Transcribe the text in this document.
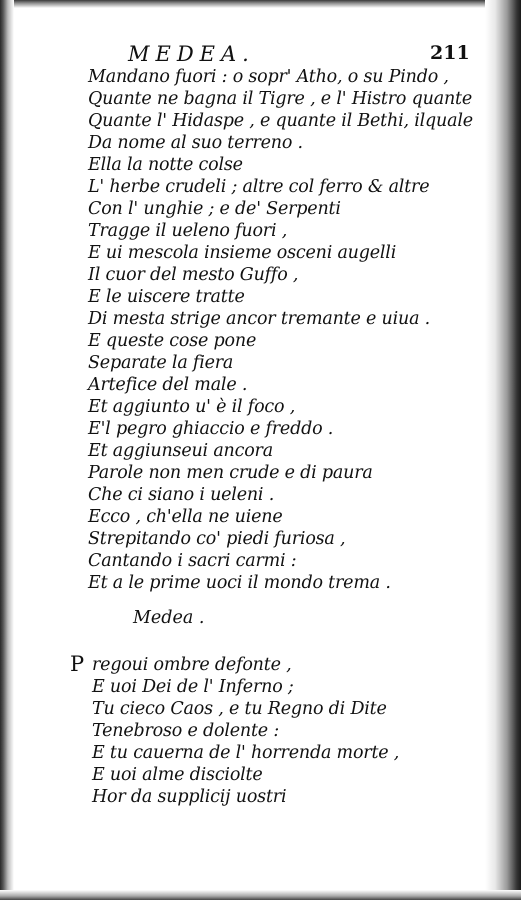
MEDEA.	211
Mandano fuori : o sopr' Atho, o su Pindo ,
Quante ne bagna il Tigre , e l' Histro quante
Quante l' Hidaspe , e quante il Bethi, ilquale
Da nome al suo terreno .
Ella la notte colse
L' herbe crudeli ; altre col ferro & altre
Con l' unghie ; e de' Serpenti
Tragge il ueleno fuori ,
E ui mescola insieme osceni augelli
Il cuor del mesto Guffo ,
E le uiscere tratte
Di mesta strige ancor tremante e uiua .
E queste cose pone
Separate la fiera
Artefice del male .
Et aggiunto u' è il foco ,
E'l pegro ghiaccio e freddo .
Et aggiunseui ancora
Parole non men crude e di paura
Che ci siano i ueleni .
Ecco , ch'ella ne uiene
Strepitando co' piedi furiosa ,
Cantando i sacri carmi :
Et a le prime uoci il mondo trema .
regoui ombre defonte ,
E uoi Dei de l' Inferno ;
Tu cieco Caos , e tu Regno di Dite
Tenebroso e dolente :
E tu cauerna de l' horrenda morte ,
E uoi alme disciolte
Hor da supplicij uostri
Medea .
P
